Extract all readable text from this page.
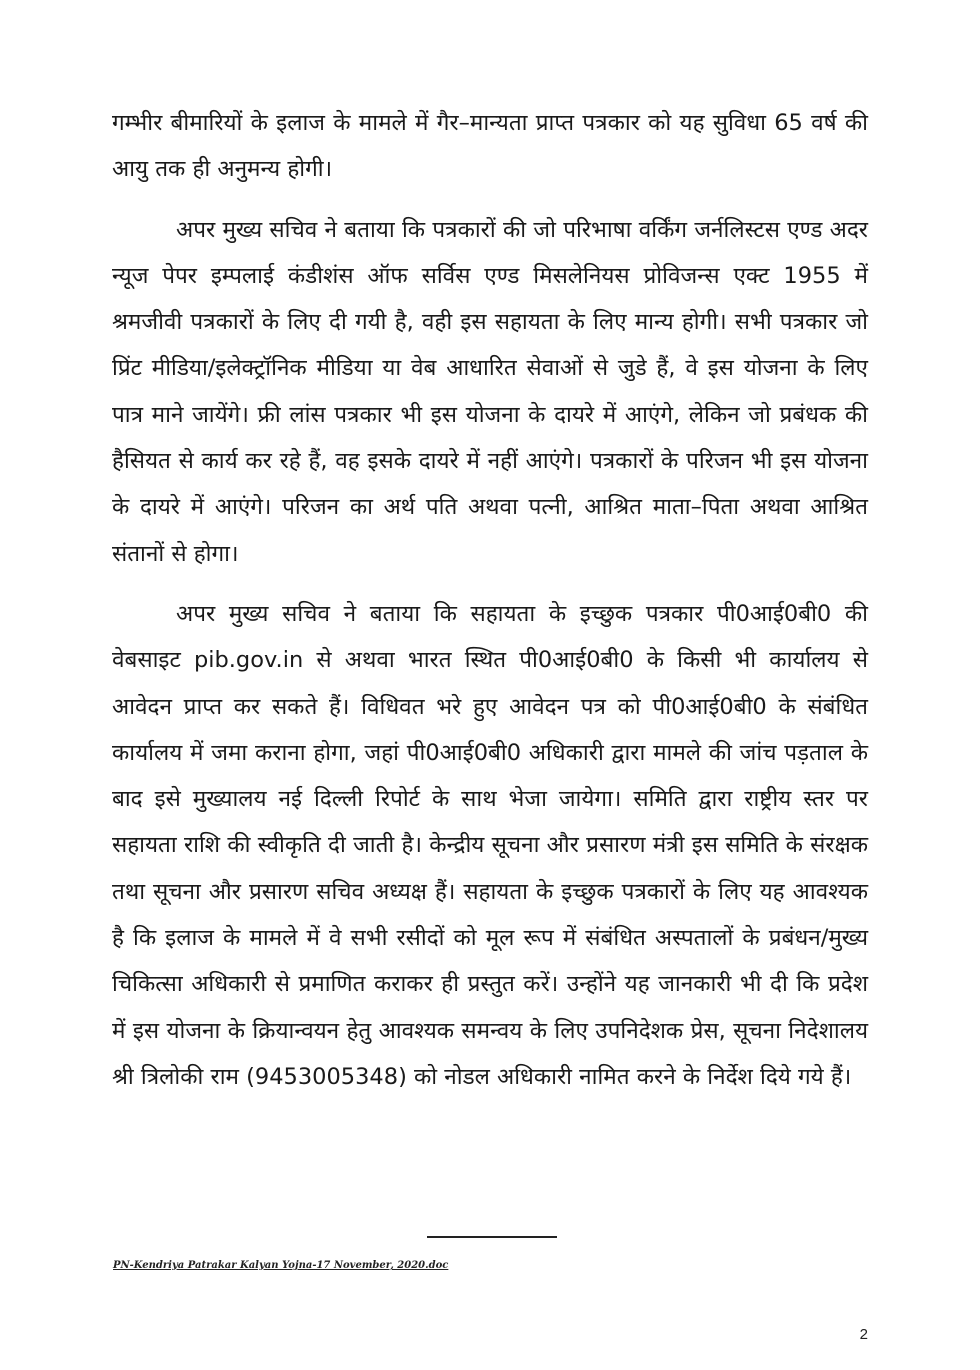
गम्भीर बीमारियों के इलाज के मामले में गैर–मान्यता प्राप्त पत्रकार को यह सुविधा 65 वर्ष की आयु तक ही अनुमन्य होगी।

अपर मुख्य सचिव ने बताया कि पत्रकारों की जो परिभाषा वर्किंग जर्नलिस्टस एण्ड अदर न्यूज पेपर इम्पलाई कंडीशंस ऑफ सर्विस एण्ड मिसलेनियस प्रोविजन्स एक्ट 1955 में श्रमजीवी पत्रकारों के लिए दी गयी है, वही इस सहायता के लिए मान्य होगी। सभी पत्रकार जो प्रिंट मीडिया/इलेक्ट्रॉनिक मीडिया या वेब आधारित सेवाओं से जुडे हैं, वे इस योजना के लिए पात्र माने जायेंगे। फ्री लांस पत्रकार भी इस योजना के दायरे में आएंगे, लेकिन जो प्रबंधक की हैसियत से कार्य कर रहे हैं, वह इसके दायरे में नहीं आएंगे। पत्रकारों के परिजन भी इस योजना के दायरे में आएंगे। परिजन का अर्थ पति अथवा पत्नी, आश्रित माता–पिता अथवा आश्रित संतानों से होगा।

अपर मुख्य सचिव ने बताया कि सहायता के इच्छुक पत्रकार पी0आई0बी0 की वेबसाइट pib.gov.in से अथवा भारत स्थित पी0आई0बी0 के किसी भी कार्यालय से आवेदन प्राप्त कर सकते हैं। विधिवत भरे हुए आवेदन पत्र को पी0आई0बी0 के संबंधित कार्यालय में जमा कराना होगा, जहां पी0आई0बी0 अधिकारी द्वारा मामले की जांच पड़ताल के बाद इसे मुख्यालय नई दिल्ली रिपोर्ट के साथ भेजा जायेगा। समिति द्वारा राष्ट्रीय स्तर पर सहायता राशि की स्वीकृति दी जाती है। केन्द्रीय सूचना और प्रसारण मंत्री इस समिति के संरक्षक तथा सूचना और प्रसारण सचिव अध्यक्ष हैं। सहायता के इच्छुक पत्रकारों के लिए यह आवश्यक है कि इलाज के मामले में वे सभी रसीदों को मूल रूप में संबंधित अस्पतालों के प्रबंधन/मुख्य चिकित्सा अधिकारी से प्रमाणित कराकर ही प्रस्तुत करें। उन्होंने यह जानकारी भी दी कि प्रदेश में इस योजना के क्रियान्वयन हेतु आवश्यक समन्वय के लिए उपनिदेशक प्रेस, सूचना निदेशालय श्री त्रिलोकी राम (9453005348) को नोडल अधिकारी नामित करने के निर्देश दिये गये हैं।

PN-Kendriya Patrakar Kalyan Yojna-17 November, 2020.doc
2
